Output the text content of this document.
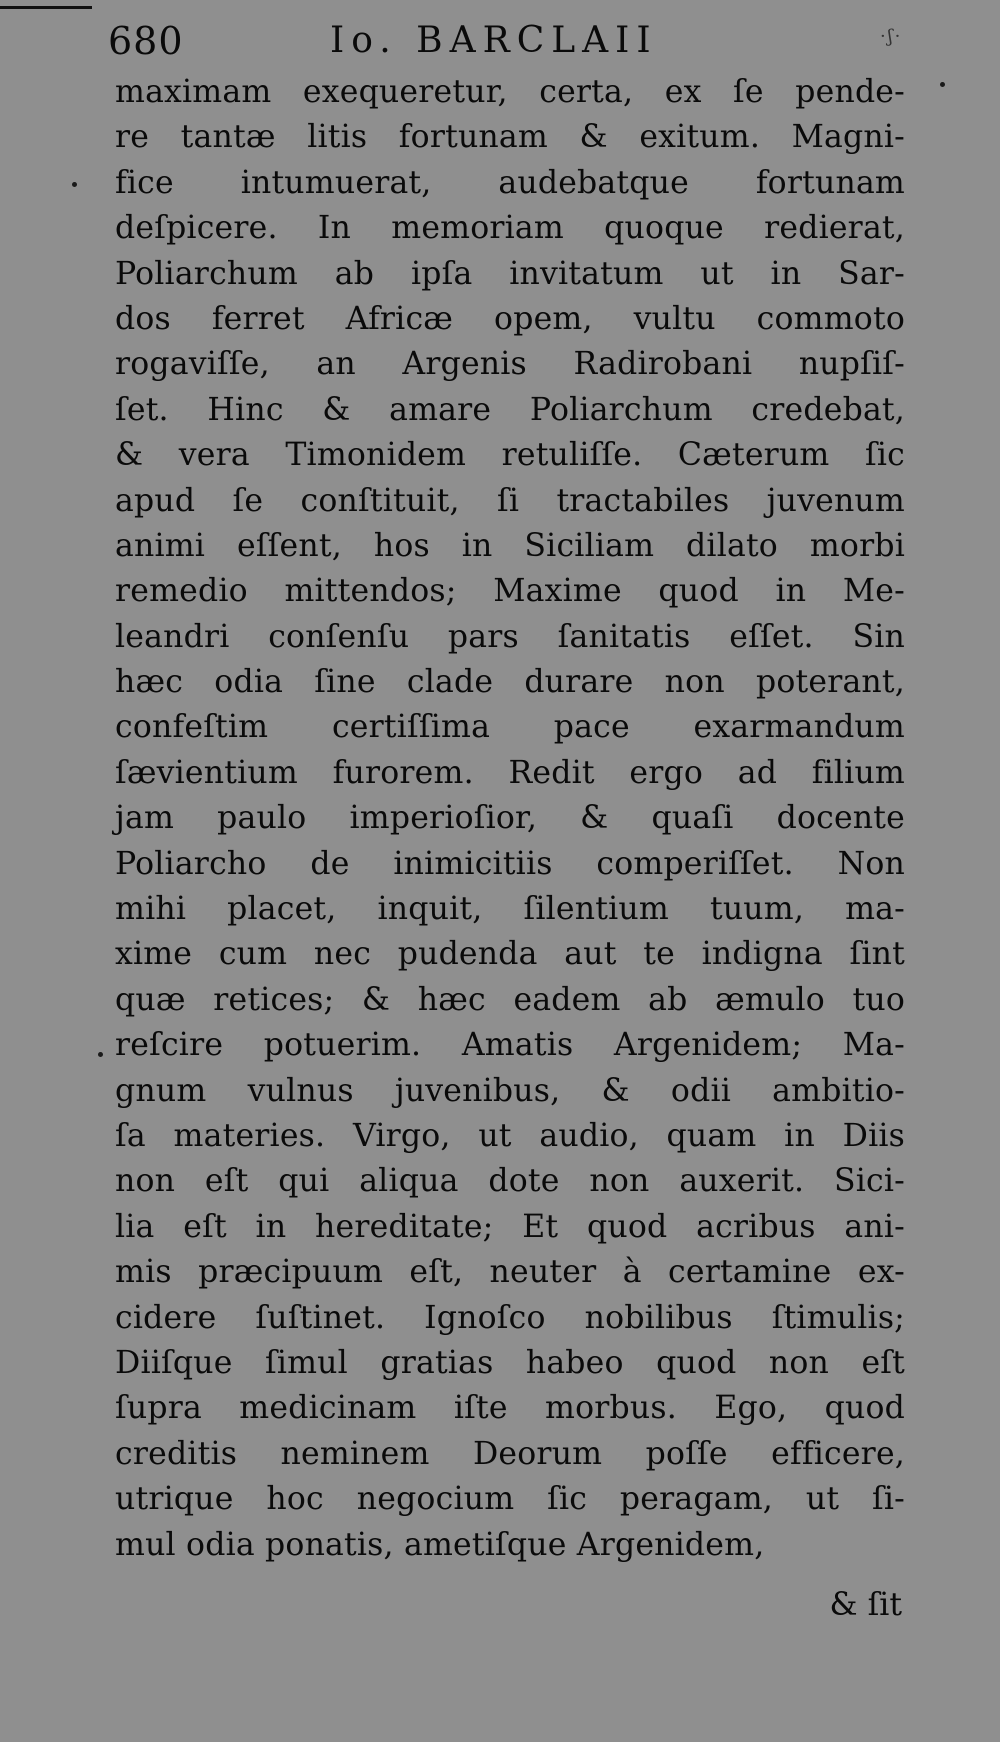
680	Io. BARCLAII	·ʃ·
maximam exequeretur, certa, ex ſe pende-
re tantæ litis fortunam & exitum. Magni-
fice intumuerat, audebatque fortunam
deſpicere. In memoriam quoque redierat,
Poliarchum ab ipſa invitatum ut in Sar-
dos ferret Africæ opem, vultu commoto
rogaviſſe, an Argenis Radirobani nupſiſ-
ſet. Hinc & amare Poliarchum credebat,
& vera Timonidem retuliſſe. Cæterum ſic
apud ſe conſtituit, ſi tractabiles juvenum
animi eſſent, hos in Siciliam dilato morbi
remedio mittendos; Maxime quod in Me-
leandri conſenſu pars ſanitatis eſſet. Sin
hæc odia ſine clade durare non poterant,
confeſtim certiſſima pace exarmandum
ſævientium furorem. Redit ergo ad filium
jam paulo imperioſior, & quaſi docente
Poliarcho de inimicitiis comperiſſet. Non
mihi placet, inquit, ſilentium tuum, ma-
xime cum nec pudenda aut te indigna ſint
quæ retices; & hæc eadem ab æmulo tuo
reſcire potuerim. Amatis Argenidem; Ma-
gnum vulnus juvenibus, & odii ambitio-
ſa materies. Virgo, ut audio, quam in Diis
non eſt qui aliqua dote non auxerit. Sici-
lia eſt in hereditate; Et quod acribus ani-
mis præcipuum eſt, neuter à certamine ex-
cidere ſuſtinet. Ignoſco nobilibus ſtimulis;
Diiſque ſimul gratias habeo quod non eſt
ſupra medicinam iſte morbus. Ego, quod
creditis neminem Deorum poſſe efficere,
utrique hoc negocium ſic peragam, ut ſi-
mul odia ponatis, ametiſque Argenidem,
& ſit
